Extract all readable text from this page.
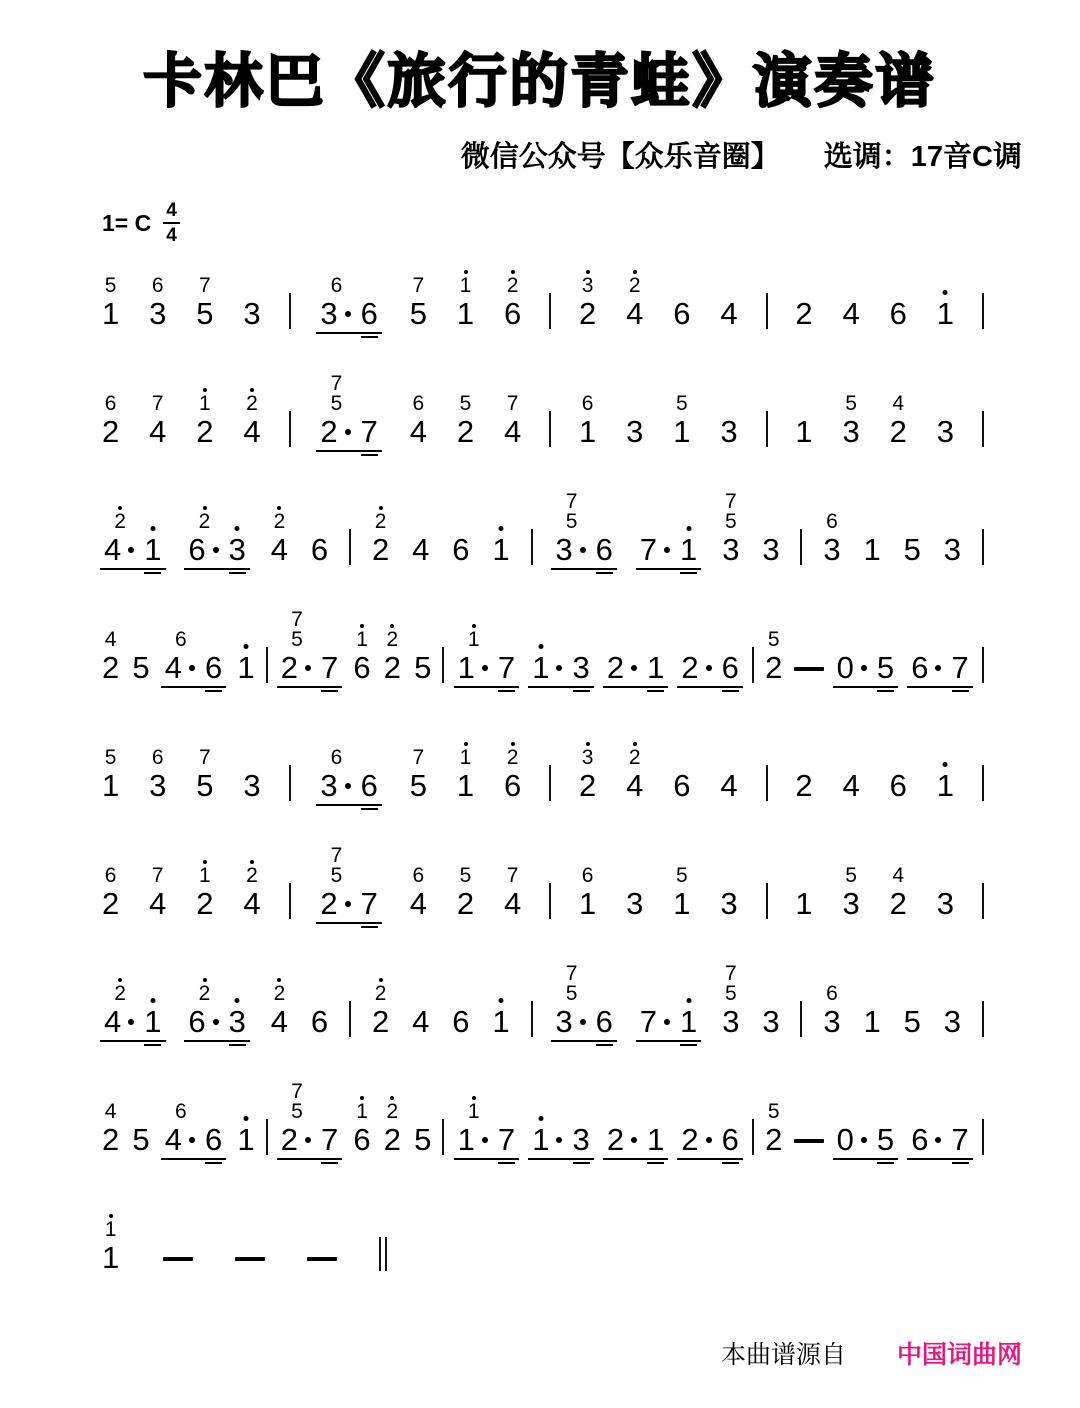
卡林巴《旅行的青蛙》演奏谱
微信公众号【众乐音圈】 选调：17音C调
1= C 4
4
5
1
6
3
7
5 3
6
3 6
7
5
1
1
2
6
3
2
2
4 6 4 2 4 6 1
6
2
7
4
1
2
2
4
7
5
2 7
6
4
5
2
7
4
6
1 3
5
1 3 1
5
3
4
2 3
2
4 1
2
6 3
2
4 6
2
2 4 6 1
7
5
3 6 7 1
7
5
3 3
6
3 1 5 3
4
2 5
6
4 6 1
7
5
2 7
1
6
2
2 5
1
1 7 1 3 2 1 2 6
5
2 0 5 6 7
5
1
6
3
7
5 3
6
3 6
7
5
1
1
2
6
3
2
2
4 6 4 2 4 6 1
6
2
7
4
1
2
2
4
7
5
2 7
6
4
5
2
7
4
6
1 3
5
1 3 1
5
3
4
2 3
2
4 1
2
6 3
2
4 6
2
2 4 6 1
7
5
3 6 7 1
7
5
3 3
6
3 1 5 3
4
2 5
6
4 6 1
7
5
2 7
1
6
2
2 5
1
1 7 1 3 2 1 2 6
5
2 0 5 6 7
1
1
本曲谱源自 中国词曲网
